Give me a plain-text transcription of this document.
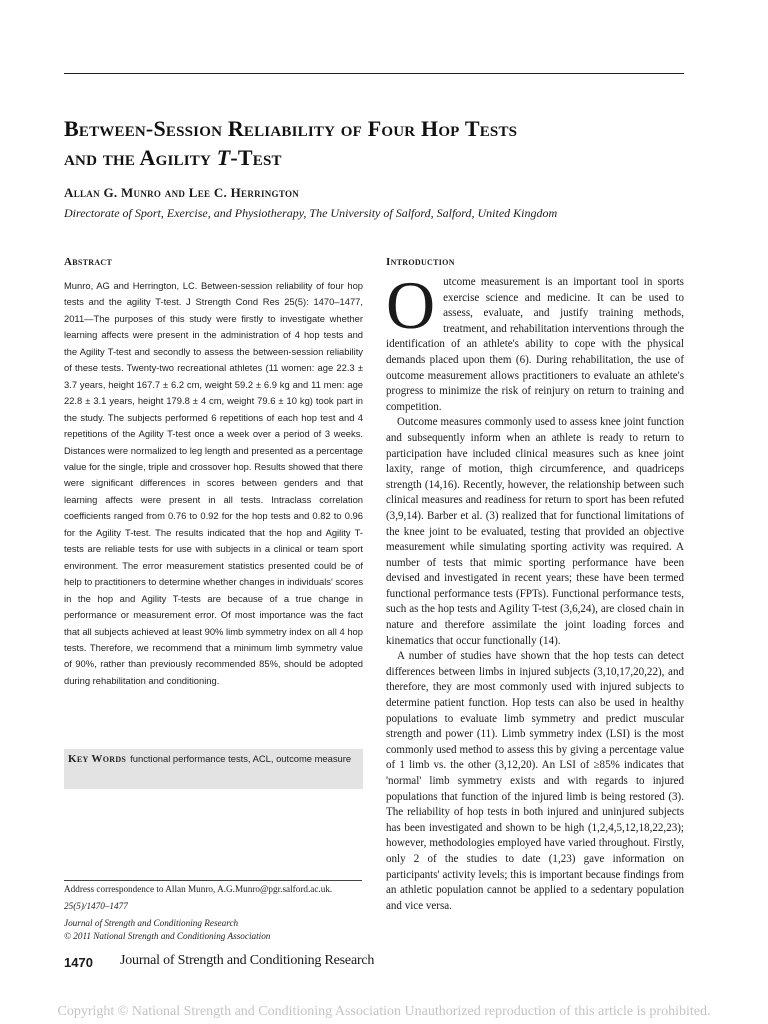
Between-Session Reliability of Four Hop Tests
and the Agility T-Test
Allan G. Munro and Lee C. Herrington
Directorate of Sport, Exercise, and Physiotherapy, The University of Salford, Salford, United Kingdom
Abstract
Munro, AG and Herrington, LC. Between-session reliability of four hop tests and the agility T-test. J Strength Cond Res 25(5): 1470–1477, 2011—The purposes of this study were firstly to investigate whether learning affects were present in the administration of 4 hop tests and the Agility T-test and secondly to assess the between-session reliability of these tests. Twenty-two recreational athletes (11 women: age 22.3 ± 3.7 years, height 167.7 ± 6.2 cm, weight 59.2 ± 6.9 kg and 11 men: age 22.8 ± 3.1 years, height 179.8 ± 4 cm, weight 79.6 ± 10 kg) took part in the study. The subjects performed 6 repetitions of each hop test and 4 repetitions of the Agility T-test once a week over a period of 3 weeks. Distances were normalized to leg length and presented as a percentage value for the single, triple and crossover hop. Results showed that there were significant differences in scores between genders and that learning affects were present in all tests. Intraclass correlation coefficients ranged from 0.76 to 0.92 for the hop tests and 0.82 to 0.96 for the Agility T-test. The results indicated that the hop and Agility T-tests are reliable tests for use with subjects in a clinical or team sport environment. The error measurement statistics presented could be of help to practitioners to determine whether changes in individuals' scores in the hop and Agility T-tests are because of a true change in performance or measurement error. Of most importance was the fact that all subjects achieved at least 90% limb symmetry index on all 4 hop tests. Therefore, we recommend that a minimum limb symmetry value of 90%, rather than previously recommended 85%, should be adopted during rehabilitation and conditioning.
Key Words functional performance tests, ACL, outcome measure
Introduction

Outcome measurement is an important tool in sports exercise science and medicine. It can be used to assess, evaluate, and justify training methods, treatment, and rehabilitation interventions through the identification of an athlete's ability to cope with the physical demands placed upon them (6). During rehabilitation, the use of outcome measurement allows practitioners to evaluate an athlete's progress to minimize the risk of reinjury on return to training and competition.

Outcome measures commonly used to assess knee joint function and subsequently inform when an athlete is ready to return to participation have included clinical measures such as knee joint laxity, range of motion, thigh circumference, and quadriceps strength (14,16). Recently, however, the relationship between such clinical measures and readiness for return to sport has been refuted (3,9,14). Barber et al. (3) realized that for functional limitations of the knee joint to be evaluated, testing that provided an objective measurement while simulating sporting activity was required. A number of tests that mimic sporting performance have been devised and investigated in recent years; these have been termed functional performance tests (FPTs). Functional performance tests, such as the hop tests and Agility T-test (3,6,24), are closed chain in nature and therefore assimilate the joint loading forces and kinematics that occur functionally (14).

A number of studies have shown that the hop tests can detect differences between limbs in injured subjects (3,10,17,20,22), and therefore, they are most commonly used with injured subjects to determine patient function. Hop tests can also be used in healthy populations to evaluate limb symmetry and predict muscular strength and power (11). Limb symmetry index (LSI) is the most commonly used method to assess this by giving a percentage value of 1 limb vs. the other (3,12,20). An LSI of ≥85% indicates that 'normal' limb symmetry exists and with regards to injured populations that function of the injured limb is being restored (3). The reliability of hop tests in both injured and uninjured subjects has been investigated and shown to be high (1,2,4,5,12,18,22,23); however, methodologies employed have varied throughout. Firstly, only 2 of the studies to date (1,23) gave information on participants' activity levels; this is important because findings from an athletic population cannot be applied to a sedentary population and vice versa.

Address correspondence to Allan Munro, A.G.Munro@pgr.salford.ac.uk.
25(5)/1470–1477
Journal of Strength and Conditioning Research
© 2011 National Strength and Conditioning Association
1470 Journal of Strength and Conditioning Research
Copyright © National Strength and Conditioning Association Unauthorized reproduction of this article is prohibited.
